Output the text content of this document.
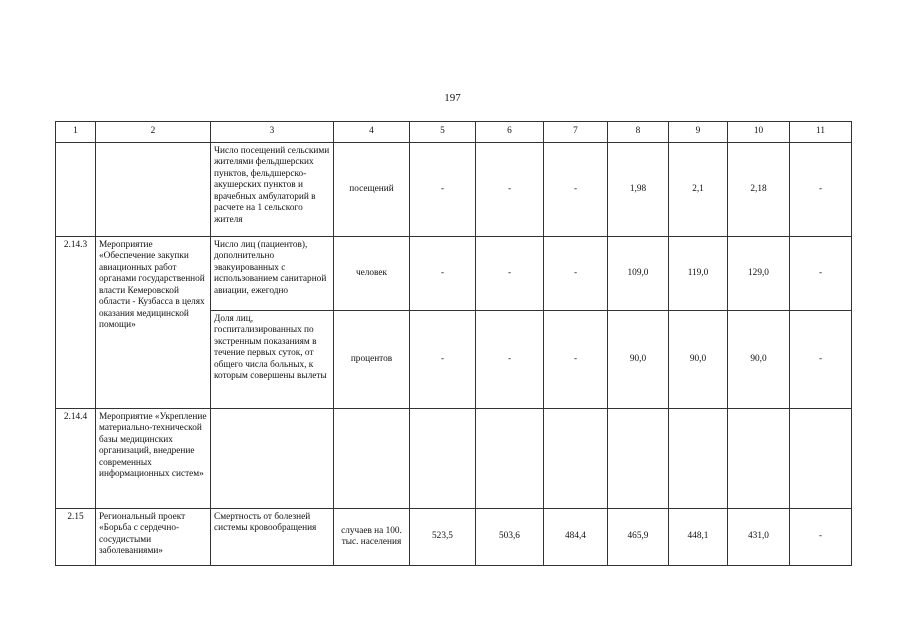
197
1	2	3	4	5	6	7	8	9	10	11
		Число посещений сельскими жителями фельдшерских пунктов, фельдшерско-акушерских пунктов и врачебных амбулаторий в расчете на 1 сельского жителя	посещений	-	-	-	1,98	2,1	2,18	-
2.14.3	Мероприятие «Обеспечение закупки авиационных работ органами государственной власти Кемеровской области - Кузбасса в целях оказания медицинской помощи»	Число лиц (пациентов), дополнительно эвакуированных с использованием санитарной авиации, ежегодно	человек	-	-	-	109,0	119,0	129,0	-
		Доля лиц, госпитализированных по экстренным показаниям в течение первых суток, от общего числа больных, к которым совершены вылеты	процентов	-	-	-	90,0	90,0	90,0	-
2.14.4	Мероприятие «Укрепление материально-технической базы медицинских организаций, внедрение современных информационных систем»									
2.15	Региональный проект «Борьба с сердечно-сосудистыми заболеваниями»	Смертность от болезней системы кровообращения	случаев на 100. тыс. населения	523,5	503,6	484,4	465,9	448,1	431,0	-
